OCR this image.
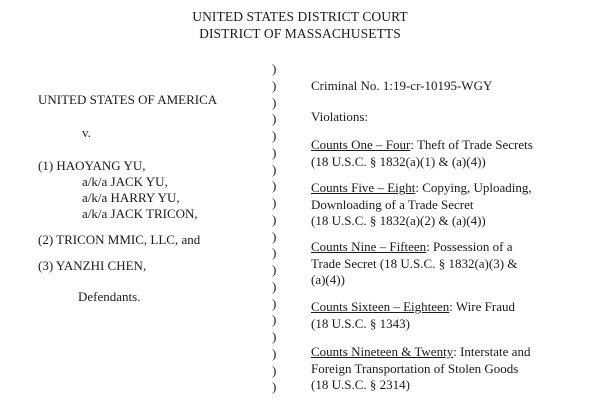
UNITED STATES DISTRICT COURT
DISTRICT OF MASSACHUSETTS
UNITED STATES OF AMERICA
v.
(1) HAOYANG YU,
a/k/a JACK YU,
a/k/a HARRY YU,
a/k/a JACK TRICON,
(2) TRICON MMIC, LLC, and
(3) YANZHI CHEN,
Defendants.
)
)
)
)
)
)
)
)
)
)
)
)
)
)
)
)
)
)
)
)
Criminal No. 1:19-cr-10195-WGY
Violations:
Counts One – Four: Theft of Trade Secrets
(18 U.S.C. § 1832(a)(1) & (a)(4))
Counts Five – Eight: Copying, Uploading,
Downloading of a Trade Secret
(18 U.S.C. § 1832(a)(2) & (a)(4))
Counts Nine – Fifteen: Possession of a
Trade Secret (18 U.S.C. § 1832(a)(3) &
(a)(4))
Counts Sixteen – Eighteen: Wire Fraud
(18 U.S.C. § 1343)
Counts Nineteen & Twenty: Interstate and
Foreign Transportation of Stolen Goods
(18 U.S.C. § 2314)
